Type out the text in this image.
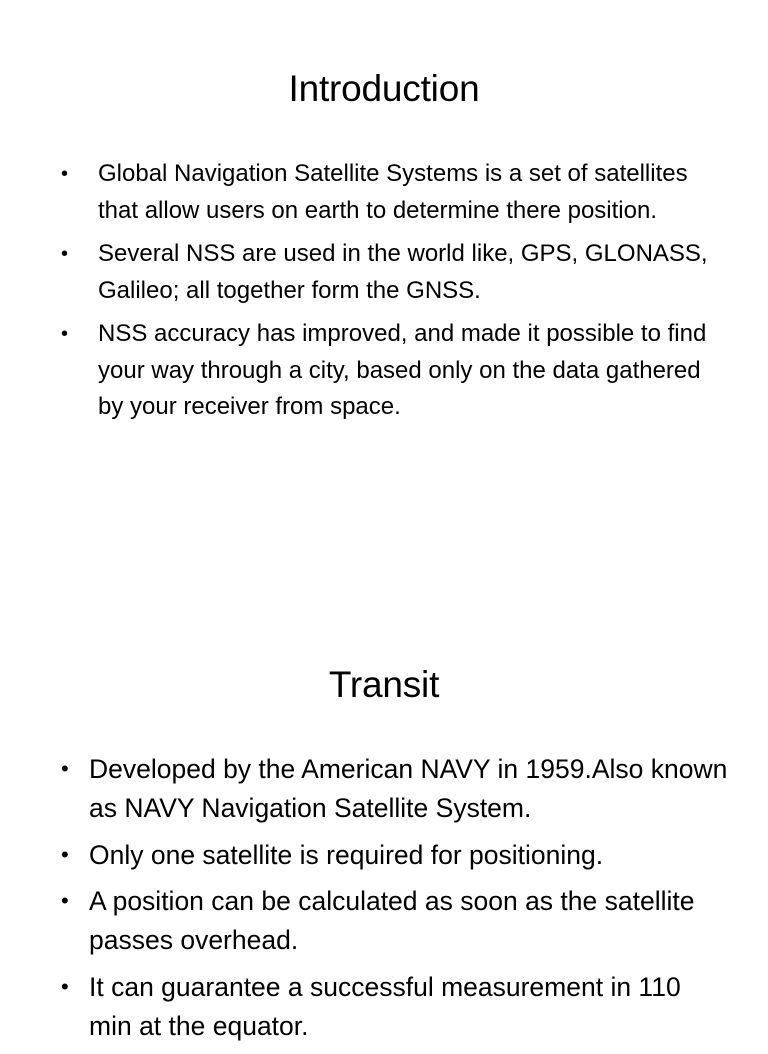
Introduction
• Global Navigation Satellite Systems is a set of satellites that allow users on earth to determine there position.
• Several NSS are used in the world like, GPS, GLONASS, Galileo; all together form the GNSS.
• NSS accuracy has improved, and made it possible to find your way through a city, based only on the data gathered by your receiver from space.
Transit
• Developed by the American NAVY in 1959.Also known as NAVY Navigation Satellite System.
• Only one satellite is required for positioning.
• A position can be calculated as soon as the satellite passes overhead.
• It can guarantee a successful measurement in 110 min at the equator.
